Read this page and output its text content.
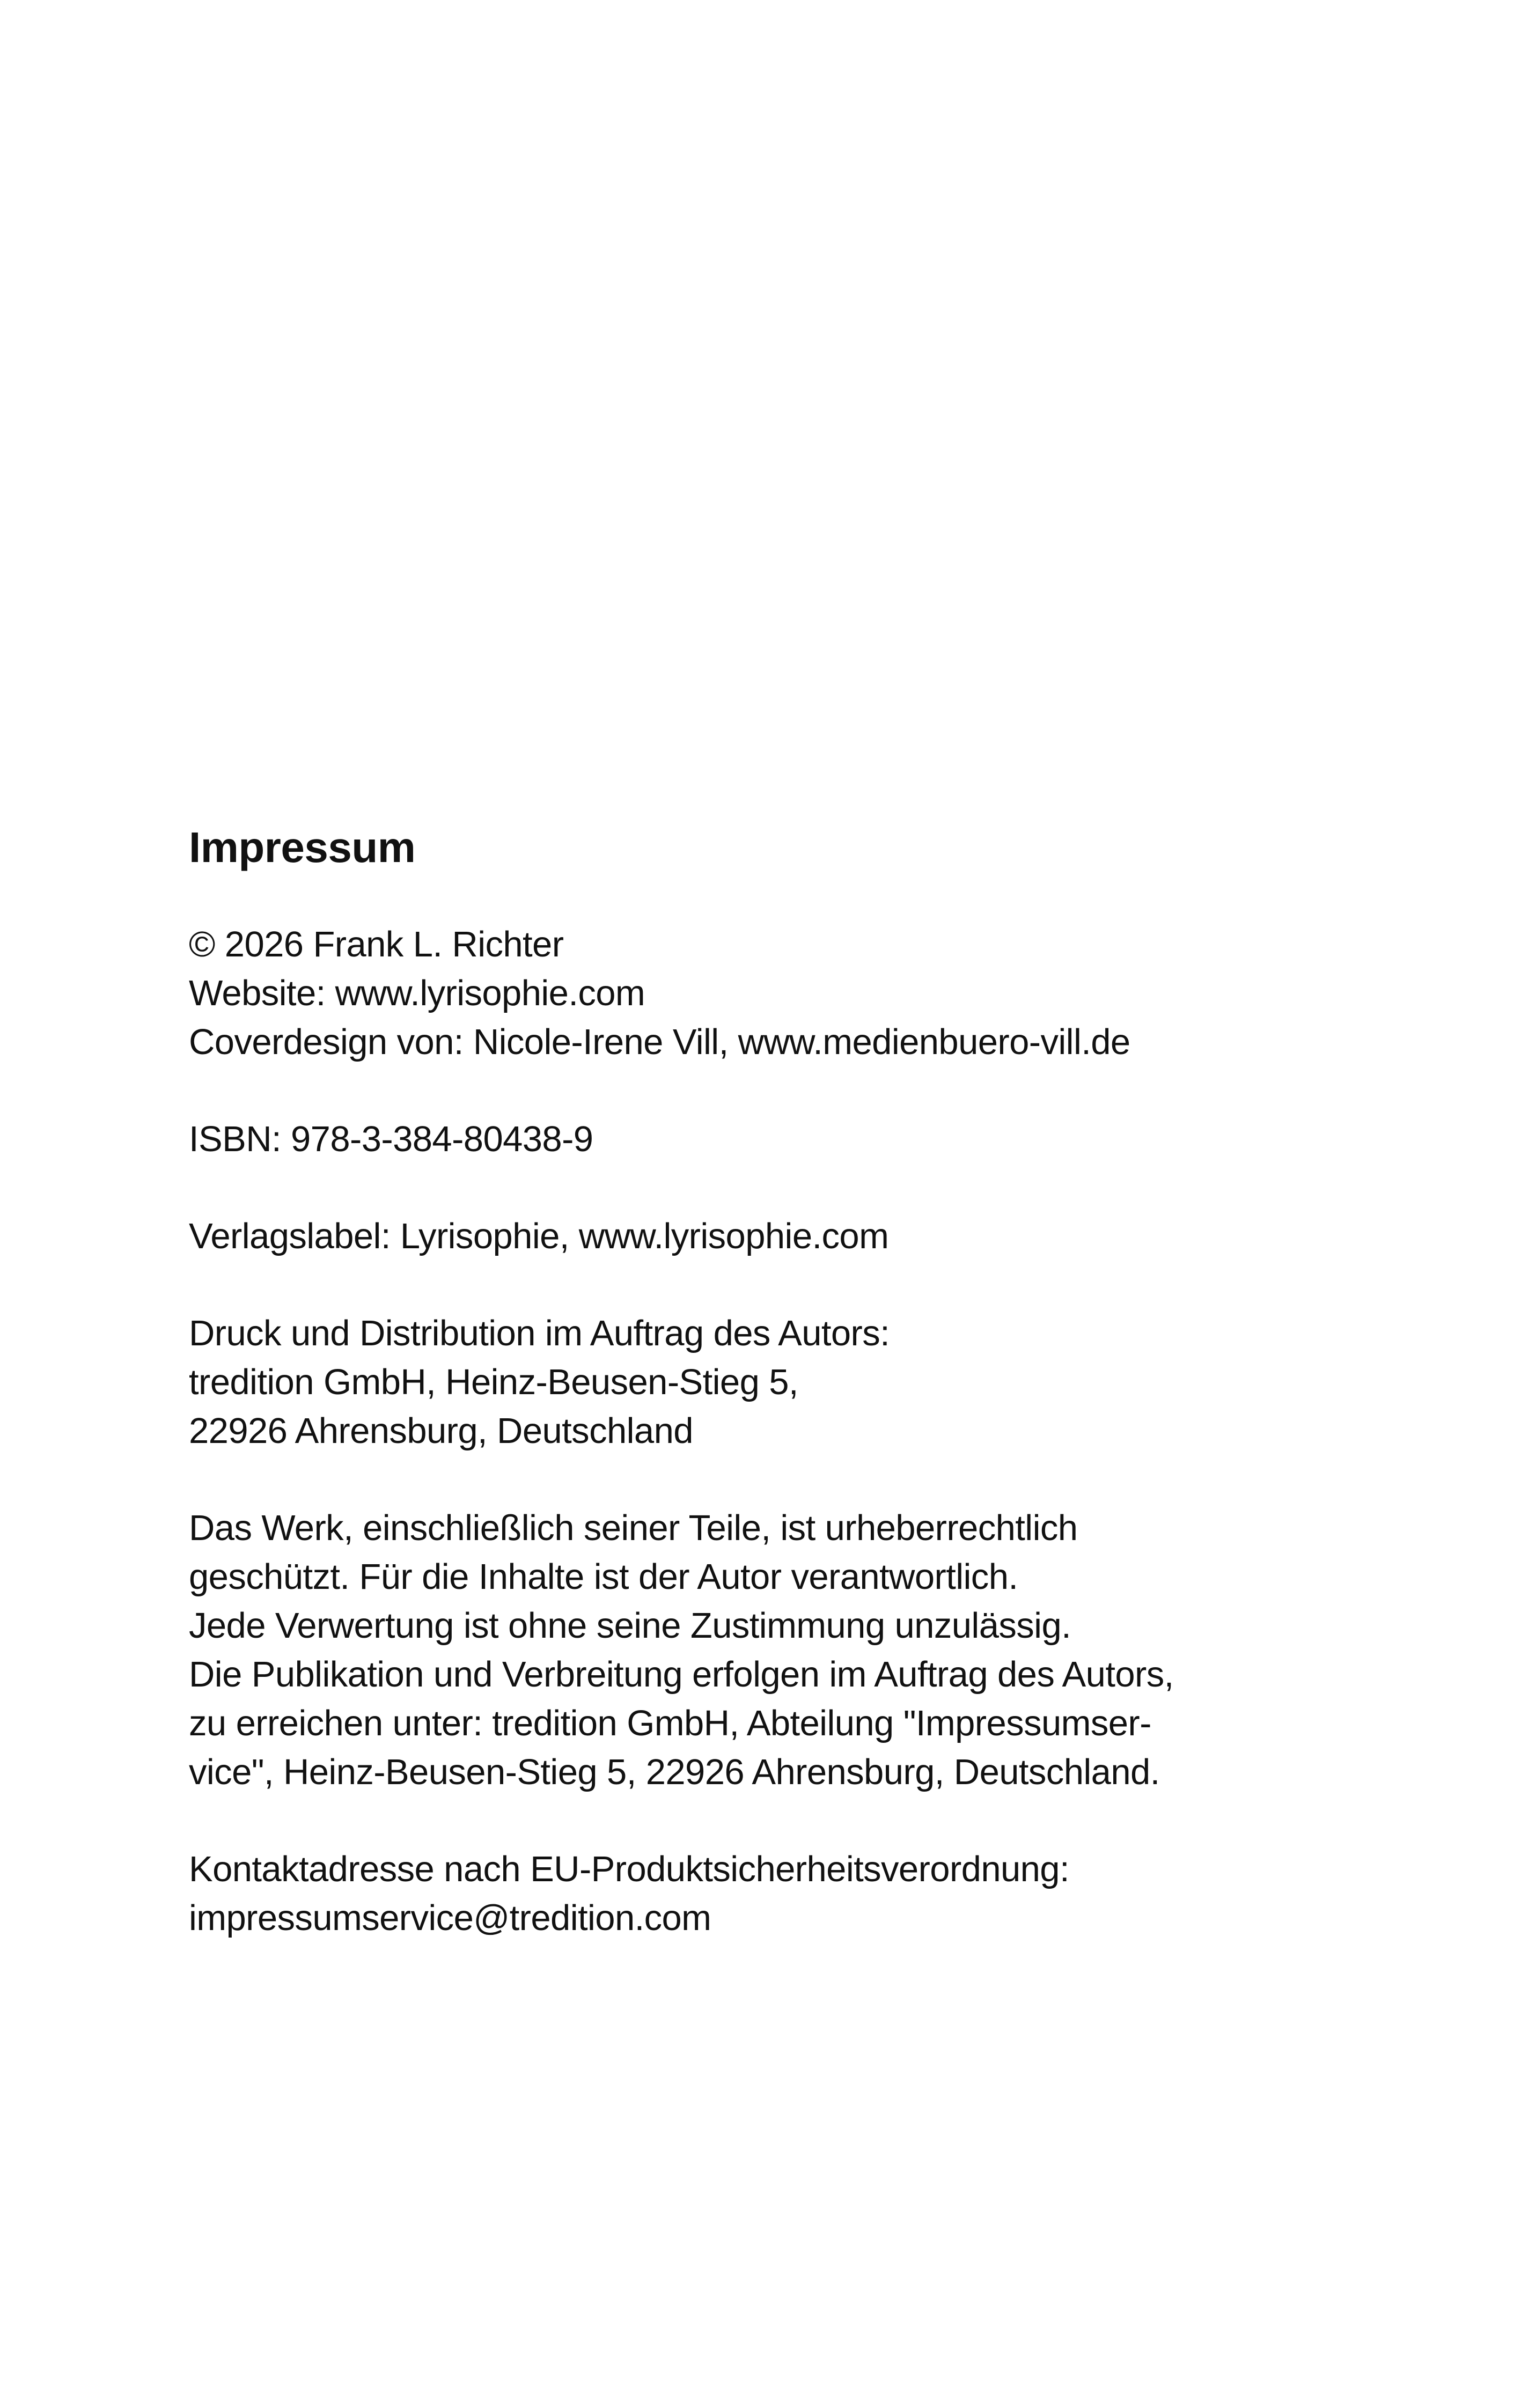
Impressum
© 2026 Frank L. Richter
Website: www.lyrisophie.com
Coverdesign von: Nicole-Irene Vill, www.medienbuero-vill.de
ISBN: 978-3-384-80438-9
Verlagslabel: Lyrisophie, www.lyrisophie.com
Druck und Distribution im Auftrag des Autors:
tredition GmbH, Heinz-Beusen-Stieg 5,
22926 Ahrensburg, Deutschland
Das Werk, einschließlich seiner Teile, ist urheberrechtlich
geschützt. Für die Inhalte ist der Autor verantwortlich.
Jede Verwertung ist ohne seine Zustimmung unzulässig.
Die Publikation und Verbreitung erfolgen im Auftrag des Autors,
zu erreichen unter: tredition GmbH, Abteilung "Impressumser-
vice", Heinz-Beusen-Stieg 5, 22926 Ahrensburg, Deutschland.
Kontaktadresse nach EU-Produktsicherheitsverordnung:
impressumservice@tredition.com
